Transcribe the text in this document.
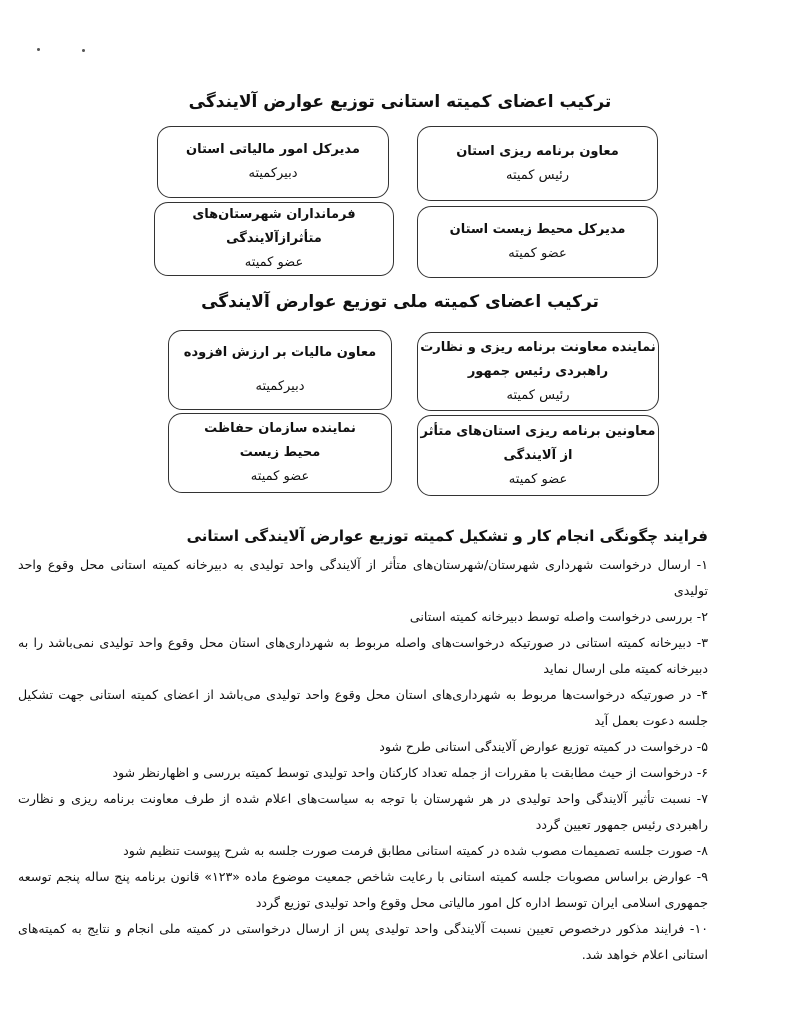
ترکیب اعضای کمیته استانی توزیع عوارض آلایندگی
معاون برنامه ریزی استان
رئیس کمیته
مدیرکل امور مالیاتی استان
دبیرکمیته
مدیرکل محیط زیست استان
عضو کمیته
فرمانداران شهرستان‌های متأثرازآلایندگی
عضو کمیته
ترکیب اعضای کمیته ملی توزیع عوارض آلایندگی
نماینده معاونت برنامه ریزی و نظارت
راهبردی رئیس جمهور
رئیس کمیته
معاون مالیات بر ارزش افزوده
دبیرکمیته
معاونین برنامه ریزی استان‌های متأثر
از آلایندگی
عضو کمیته
نماینده سازمان حفاظت
محیط زیست
عضو کمیته
فرایند چگونگی انجام کار و تشکیل کمیته توزیع عوارض آلایندگی استانی

۱- ارسال درخواست شهرداری شهرستان/شهرستان‌های متأثر از آلایندگی واحد تولیدی به دبیرخانه کمیته استانی محل وقوع واحد تولیدی

۲- بررسی درخواست واصله توسط دبیرخانه کمیته استانی

۳- دبیرخانه کمیته استانی در صورتیکه درخواست‌های واصله مربوط به شهرداری‌های استان محل وقوع واحد تولیدی نمی‌باشد را به دبیرخانه کمیته ملی ارسال نماید

۴- در صورتیکه درخواست‌ها مربوط به شهرداری‌های استان محل وقوع واحد تولیدی می‌باشد از اعضای کمیته استانی جهت تشکیل جلسه دعوت بعمل آید

۵- درخواست در کمیته توزیع عوارض آلایندگی استانی طرح شود

۶- درخواست از حیث مطابقت با مقررات از جمله تعداد کارکنان واحد تولیدی توسط کمیته بررسی و اظهارنظر شود

۷- نسبت تأثیر آلایندگی واحد تولیدی در هر شهرستان با توجه به سیاست‌های اعلام شده از طرف معاونت برنامه ریزی و نظارت راهبردی رئیس جمهور تعیین گردد

۸- صورت جلسه تصمیمات مصوب شده در کمیته استانی مطابق فرمت صورت جلسه به شرح پیوست تنظیم شود

۹- عوارض براساس مصوبات جلسه کمیته استانی با رعایت شاخص جمعیت موضوع ماده «۱۲۳» قانون برنامه پنج ساله پنجم توسعه جمهوری اسلامی ایران توسط اداره کل امور مالیاتی محل وقوع واحد تولیدی توزیع گردد

۱۰- فرایند مذکور درخصوص تعیین نسبت آلایندگی واحد تولیدی پس از ارسال درخواستی در کمیته ملی انجام و نتایج به کمیته‌های استانی اعلام خواهد شد.
